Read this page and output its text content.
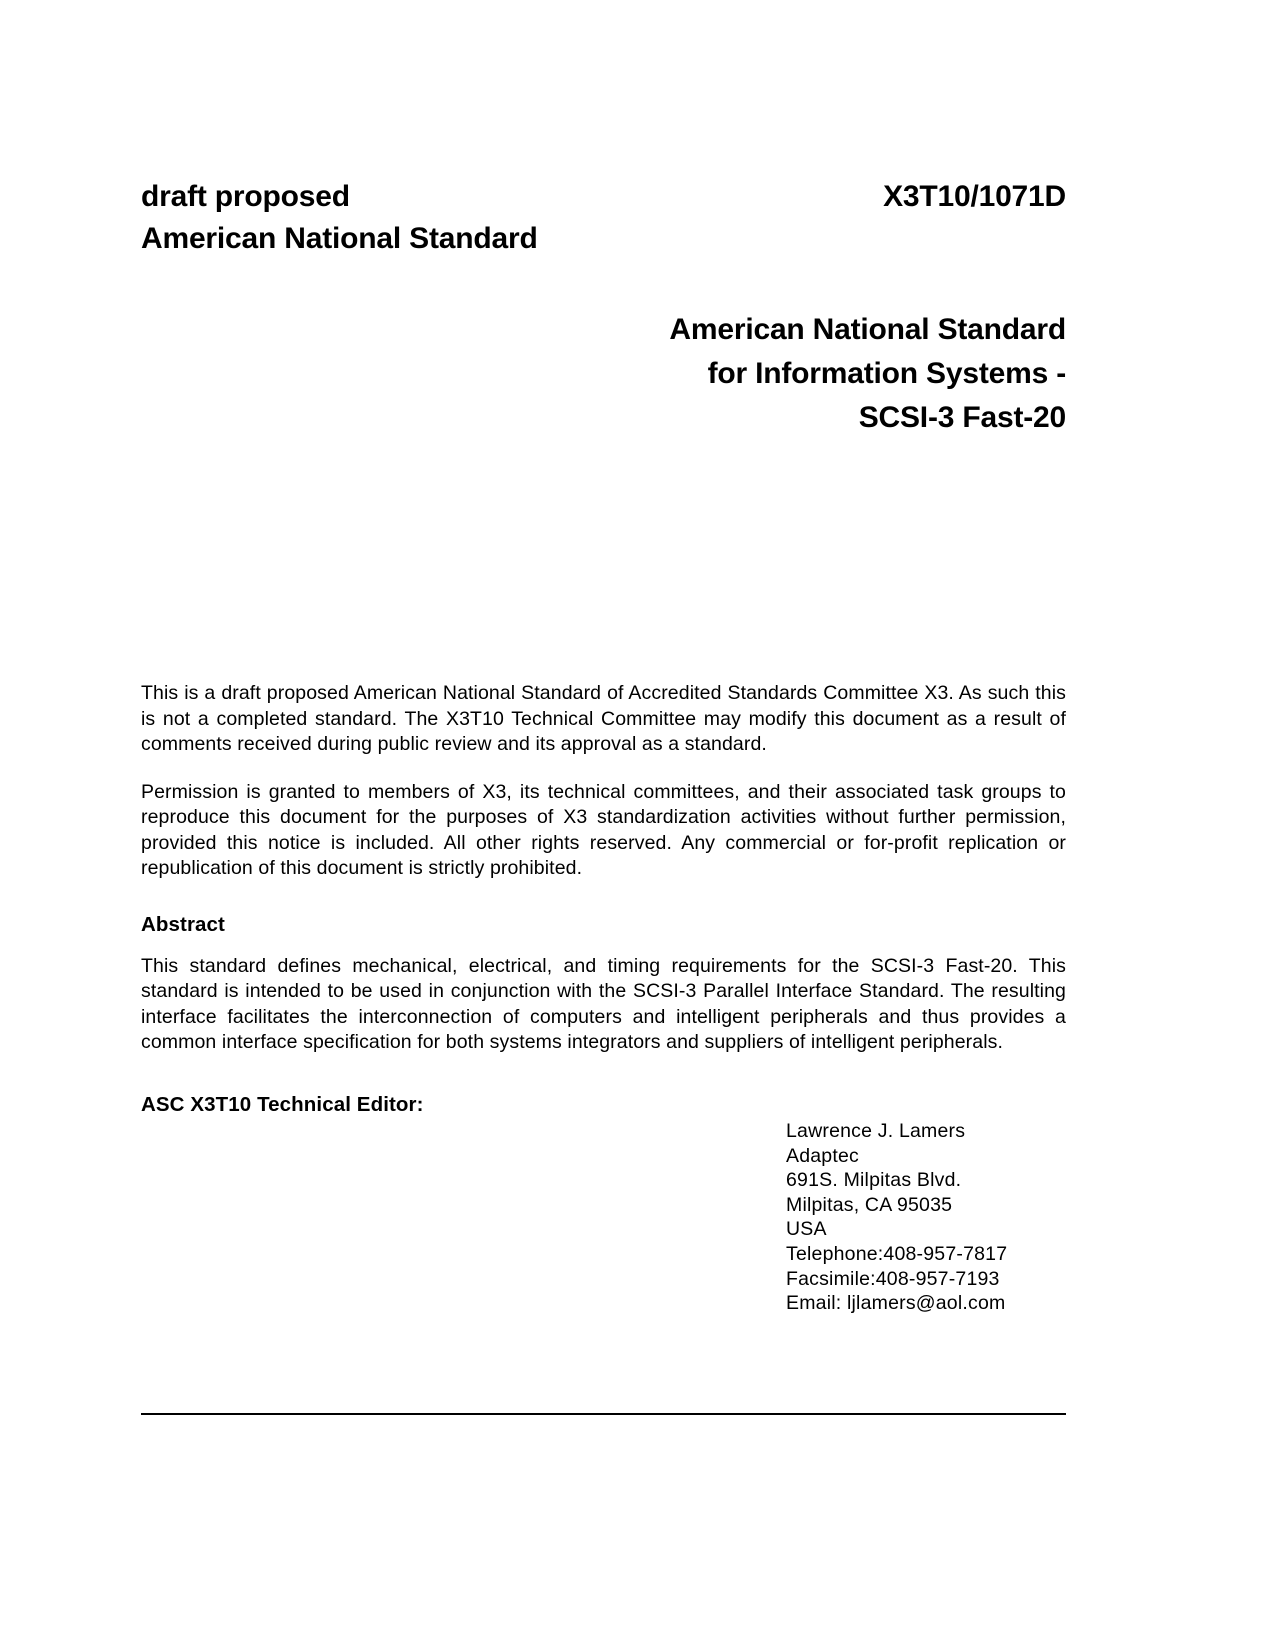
draft proposed
American National Standard
X3T10/1071D
American National Standard
for Information Systems -
SCSI-3 Fast-20

This is a draft proposed American National Standard of Accredited Standards Committee X3. As such this is not a completed standard. The X3T10 Technical Committee may modify this document as a result of comments received during public review and its approval as a standard.

Permission is granted to members of X3, its technical committees, and their associated task groups to reproduce this document for the purposes of X3 standardization activities without further permission, provided this notice is included. All other rights reserved. Any commercial or for-profit replication or republication of this document is strictly prohibited.

Abstract

This standard defines mechanical, electrical, and timing requirements for the SCSI-3 Fast-20. This standard is intended to be used in conjunction with the SCSI-3 Parallel Interface Standard. The resulting interface facilitates the interconnection of computers and intelligent peripherals and thus provides a common interface specification for both systems integrators and suppliers of intelligent peripherals.

ASC X3T10 Technical Editor:
Lawrence J. Lamers
Adaptec
691S. Milpitas Blvd.
Milpitas, CA 95035
USA
Telephone:408-957-7817
Facsimile:408-957-7193
Email: ljlamers@aol.com
